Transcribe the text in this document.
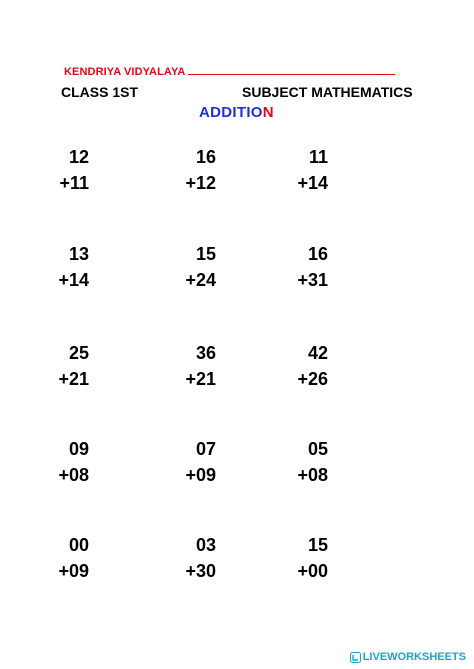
KENDRIYA VIDYALAYA
CLASS 1ST	SUBJECT MATHEMATICS
ADDITION
12
+11
16
+12
11
+14
13
+14
15
+24
16
+31
25
+21
36
+21
42
+26
09
+08
07
+09
05
+08
00
+09
03
+30
15
+00
LIVEWORKSHEETS
